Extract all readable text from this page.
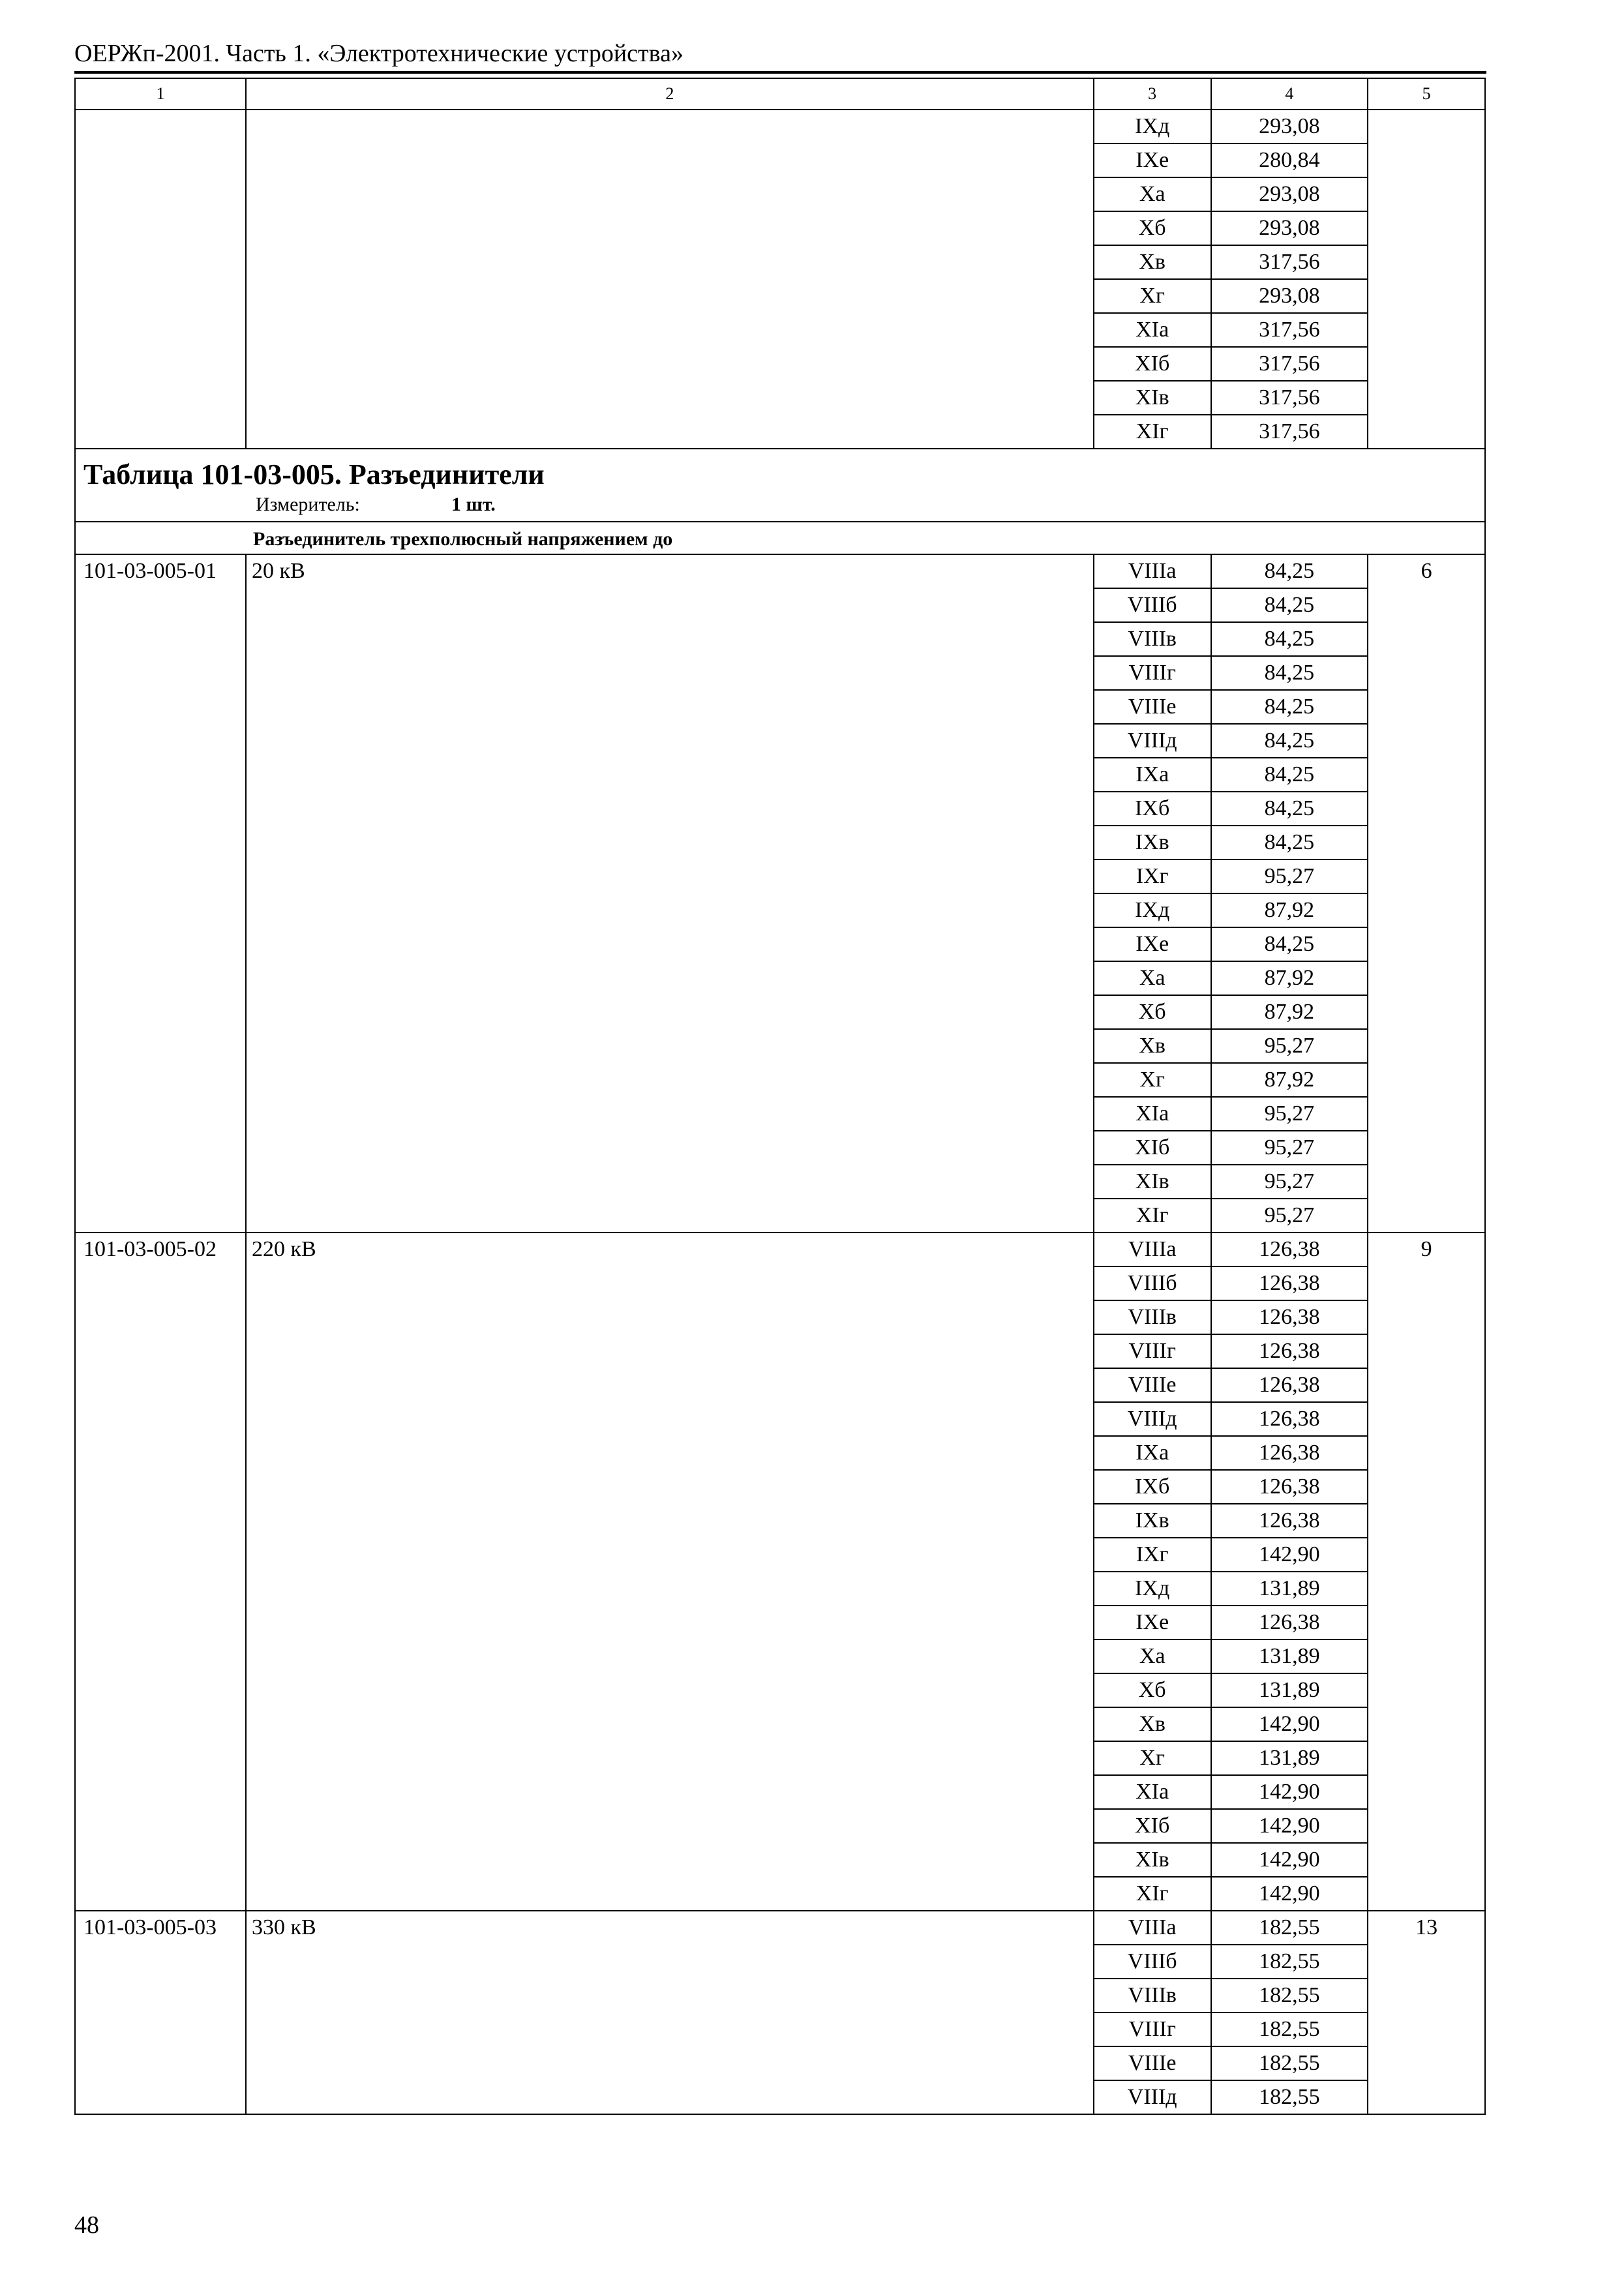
ОЕРЖп-2001. Часть 1. «Электротехнические устройства»
1	2	3	4	5
		IXд	293,08	
		IXе	280,84	
		Xа	293,08	
		Xб	293,08	
		Xв	317,56	
		Xг	293,08	
		XIа	317,56	
		XIб	317,56	
		XIв	317,56	
		XIг	317,56	

Таблица 101-03-005. Разъединители
Измеритель: 1 шт.				

Разъединитель трехполюсный напряжением до				
101-03-005-01	20 кВ	VIIIа	84,25	6
		VIIIб	84,25	
		VIIIв	84,25	
		VIIIг	84,25	
		VIIIе	84,25	
		VIIIд	84,25	
		IXа	84,25	
		IXб	84,25	
		IXв	84,25	
		IXг	95,27	
		IXд	87,92	
		IXе	84,25	
		Xа	87,92	
		Xб	87,92	
		Xв	95,27	
		Xг	87,92	
		XIа	95,27	
		XIб	95,27	
		XIв	95,27	
		XIг	95,27	
101-03-005-02	220 кВ	VIIIа	126,38	9
		VIIIб	126,38	
		VIIIв	126,38	
		VIIIг	126,38	
		VIIIе	126,38	
		VIIIд	126,38	
		IXа	126,38	
		IXб	126,38	
		IXв	126,38	
		IXг	142,90	
		IXд	131,89	
		IXе	126,38	
		Xа	131,89	
		Xб	131,89	
		Xв	142,90	
		Xг	131,89	
		XIа	142,90	
		XIб	142,90	
		XIв	142,90	
		XIг	142,90	
101-03-005-03	330 кВ	VIIIа	182,55	13
		VIIIб	182,55	
		VIIIв	182,55	
		VIIIг	182,55	
		VIIIе	182,55	
		VIIIд	182,55	
48
